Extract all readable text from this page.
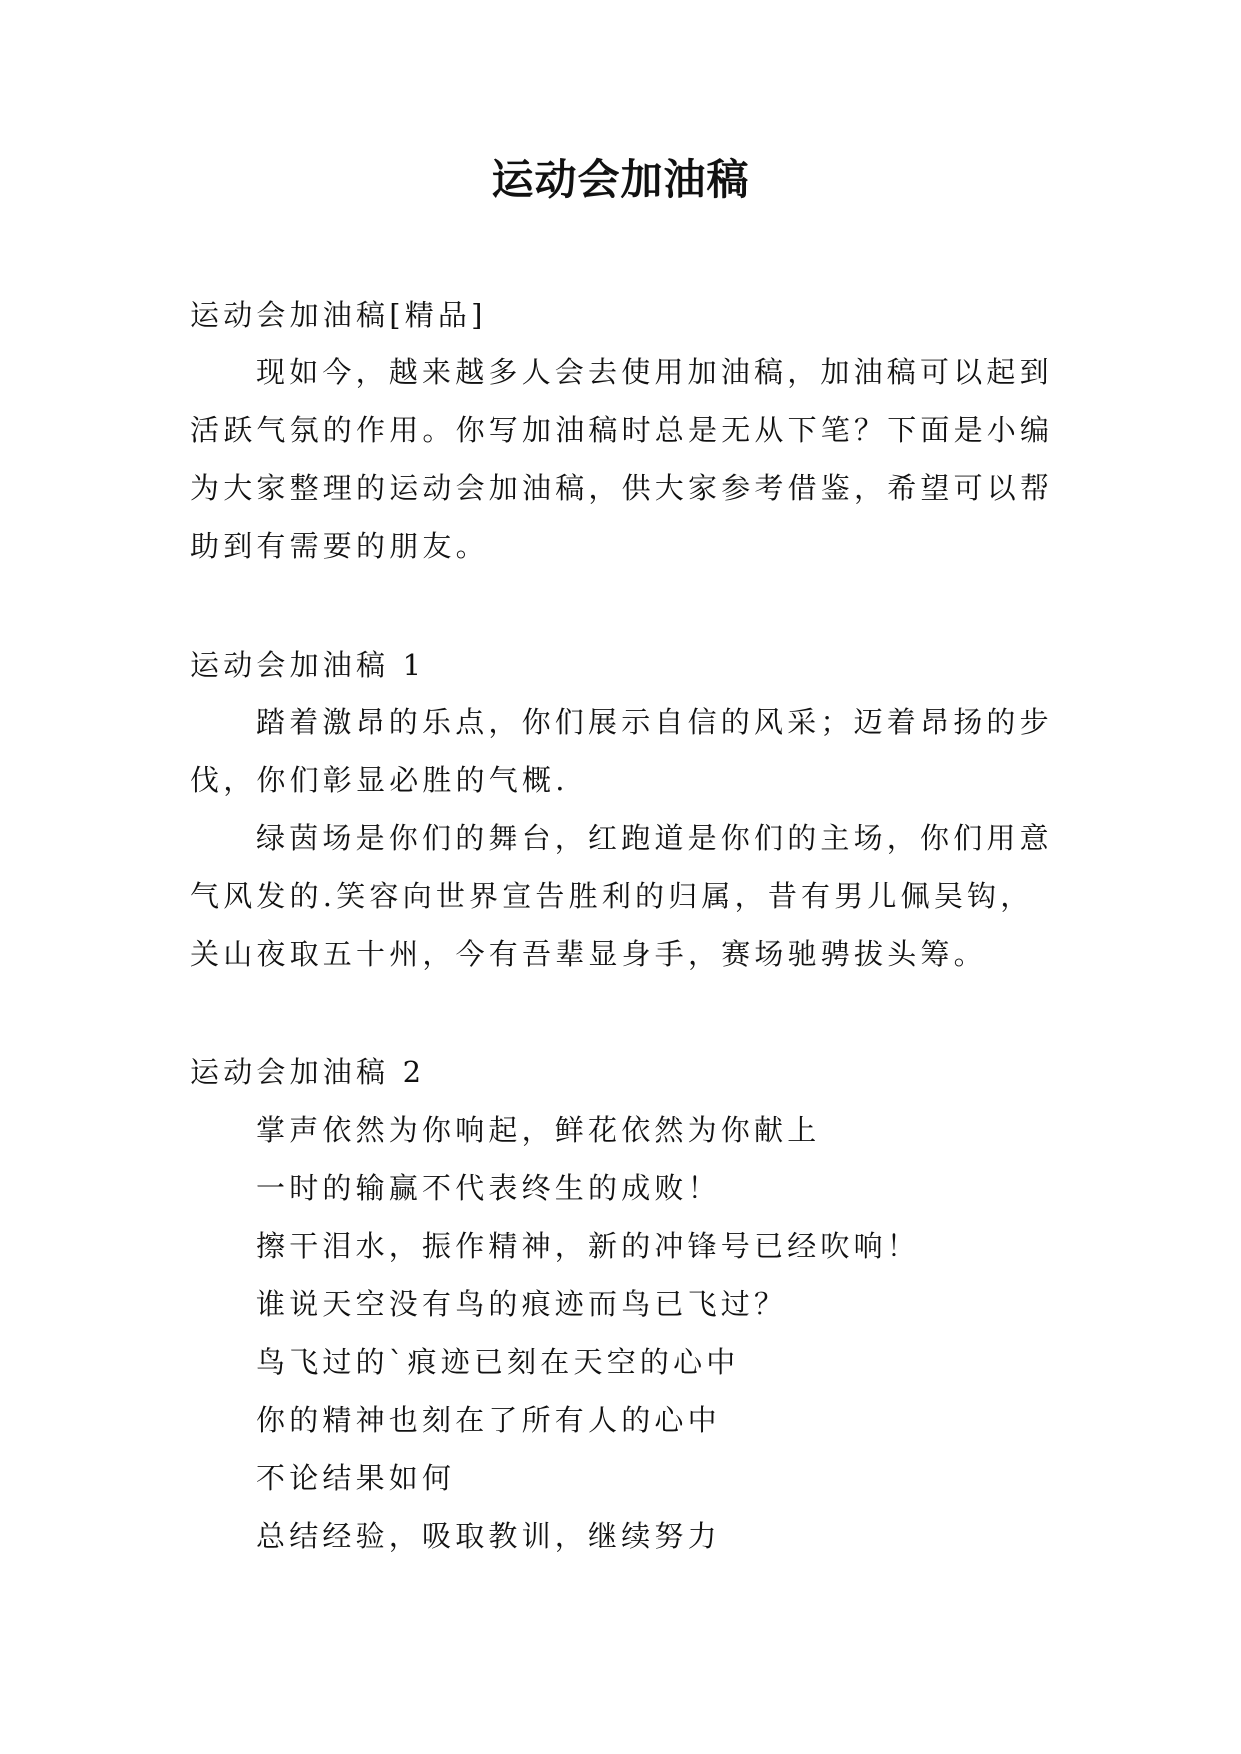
运动会加油稿
运动会加油稿[精品]
现如今，越来越多人会去使用加油稿，加油稿可以起到
活跃气氛的作用。你写加油稿时总是无从下笔？下面是小编
为大家整理的运动会加油稿，供大家参考借鉴，希望可以帮
助到有需要的朋友。
运动会加油稿 1
踏着激昂的乐点，你们展示自信的风采；迈着昂扬的步
伐，你们彰显必胜的气概.
绿茵场是你们的舞台，红跑道是你们的主场，你们用意
气风发的.笑容向世界宣告胜利的归属，昔有男儿佩吴钩，
关山夜取五十州，今有吾辈显身手，赛场驰骋拔头筹。
运动会加油稿 2
掌声依然为你响起，鲜花依然为你献上
一时的输赢不代表终生的成败！
擦干泪水，振作精神，新的冲锋号已经吹响！
谁说天空没有鸟的痕迹而鸟已飞过？
鸟飞过的`痕迹已刻在天空的心中
你的精神也刻在了所有人的心中
不论结果如何
总结经验，吸取教训，继续努力
